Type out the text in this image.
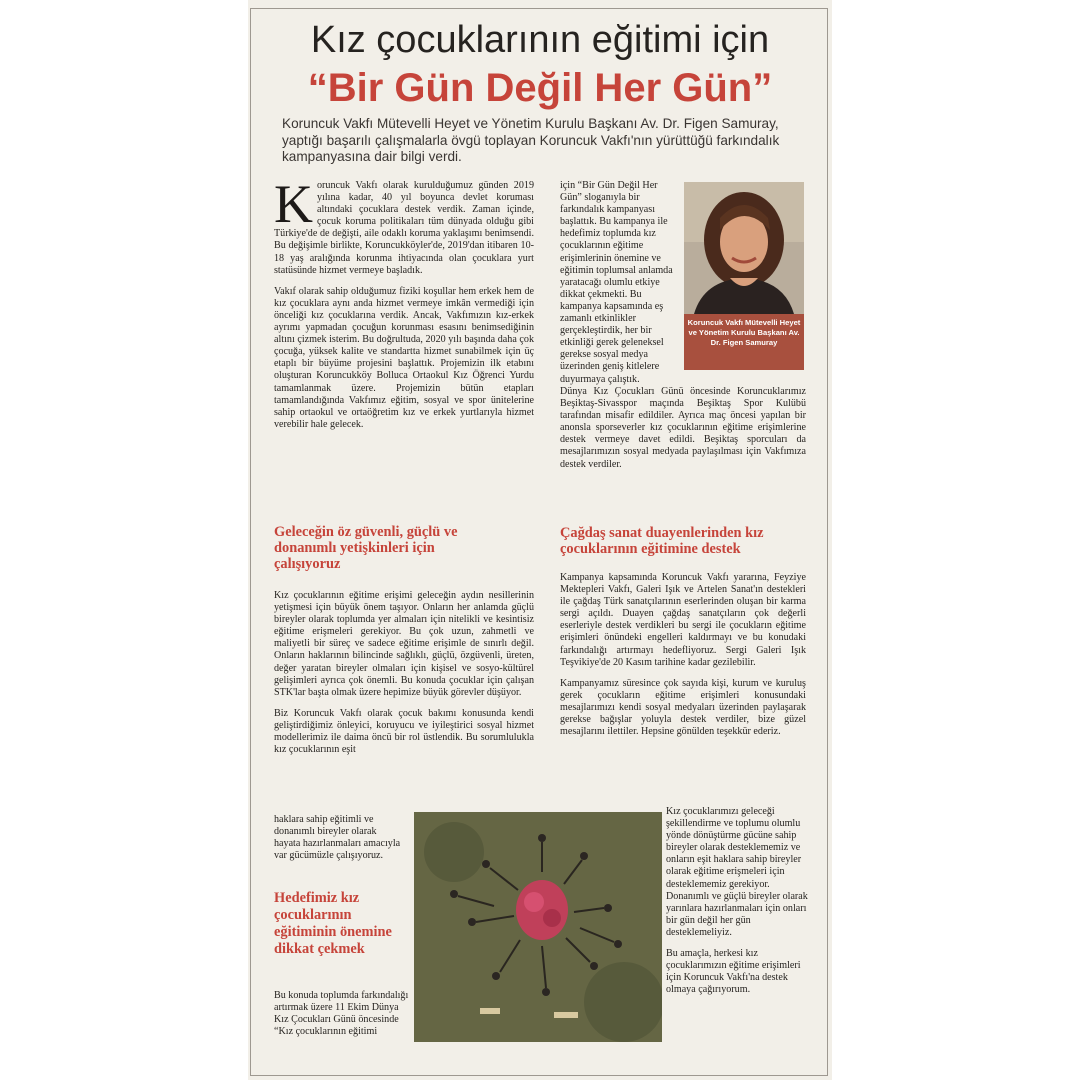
Kız çocuklarının eğitimi için
“Bir Gün Değil Her Gün”
Koruncuk Vakfı Mütevelli Heyet ve Yönetim Kurulu Başkanı Av. Dr. Figen Samuray, yaptığı başarılı çalışmalarla övgü toplayan Koruncuk Vakfı'nın yürüttüğü farkındalık kampanyasına dair bilgi verdi.

Koruncuk Vakfı olarak kurulduğumuz günden 2019 yılına kadar, 40 yıl boyunca devlet koruması altındaki çocuklara destek verdik. Zaman içinde, çocuk koruma politikaları tüm dünyada olduğu gibi Türkiye'de de değişti, aile odaklı koruma yaklaşımı benimsendi. Bu değişimle birlikte, Koruncukköyler'de, 2019'dan itibaren 10-18 yaş aralığında korunma ihtiyacında olan çocuklara yurt statüsünde hizmet vermeye başladık.

Vakıf olarak sahip olduğumuz fiziki koşullar hem erkek hem de kız çocuklara aynı anda hizmet vermeye imkân vermediği için önceliği kız çocuklarına verdik. Ancak, Vakfımızın kız-erkek ayrımı yapmadan çocuğun korunması esasını benimsediğinin altını çizmek isterim. Bu doğrultuda, 2020 yılı başında daha çok çocuğa, yüksek kalite ve standartta hizmet sunabilmek için üç etaplı bir büyüme projesini başlattık. Projemizin ilk etabını oluşturan Koruncukköy Bolluca Ortaokul Kız Öğrenci Yurdu tamamlanmak üzere. Projemizin bütün etapları tamamlandığında Vakfımız eğitim, sosyal ve spor ünitelerine sahip ortaokul ve ortaöğretim kız ve erkek yurtlarıyla hizmet verebilir hale gelecek.

Geleceğin öz güvenli, güçlü ve donanımlı yetişkinleri için çalışıyoruz

Kız çocuklarının eğitime erişimi geleceğin aydın nesillerinin yetişmesi için büyük önem taşıyor. Onların her anlamda güçlü bireyler olarak toplumda yer almaları için nitelikli ve kesintisiz eğitime erişmeleri gerekiyor. Bu çok uzun, zahmetli ve maliyetli bir süreç ve sadece eğitime erişimle de sınırlı değil. Onların haklarının bilincinde sağlıklı, güçlü, özgüvenli, üreten, değer yaratan bireyler olmaları için kişisel ve sosyo-kültürel gelişimleri ayrıca çok önemli. Bu konuda çocuklar için çalışan STK'lar başta olmak üzere hepimize büyük görevler düşüyor.

Biz Koruncuk Vakfı olarak çocuk bakımı konusunda kendi geliştirdiğimiz önleyici, koruyucu ve iyileştirici sosyal hizmet modellerimiz ile daima öncü bir rol üstlendik. Bu sorumlulukla kız çocuklarının eşit

haklara sahip eğitimli ve donanımlı bireyler olarak hayata hazırlanmaları amacıyla var gücümüzle çalışıyoruz.

Hedefimiz kız çocuklarının eğitiminin önemine dikkat çekmek

Bu konuda toplumda farkındalığı artırmak üzere 11 Ekim Dünya Kız Çocukları Günü öncesinde “Kız çocuklarının eğitimi

için “Bir Gün Değil Her Gün” sloganıyla bir farkındalık kampanyası başlattık. Bu kampanya ile hedefimiz toplumda kız çocuklarının eğitime erişimlerinin önemine ve eğitimin toplumsal anlamda yaratacağı olumlu etkiye dikkat çekmekti. Bu kampanya kapsamında eş zamanlı etkinlikler gerçekleştirdik, her bir etkinliği gerek geleneksel gerekse sosyal medya üzerinden geniş kitlelere duyurmaya çalıştık.

Koruncuk Vakfı Mütevelli Heyet ve Yönetim Kurulu Başkanı Av. Dr. Figen Samuray

Dünya Kız Çocukları Günü öncesinde Koruncuklarımız Beşiktaş-Sivasspor maçında Beşiktaş Spor Kulübü tarafından misafir edildiler. Ayrıca maç öncesi yapılan bir anonsla sporseverler kız çocuklarının eğitime erişimlerine destek vermeye davet edildi. Beşiktaş sporcuları da mesajlarımızın sosyal medyada paylaşılması için Vakfımıza destek verdiler.

Çağdaş sanat duayenlerinden kız çocuklarının eğitimine destek

Kampanya kapsamında Koruncuk Vakfı yararına, Feyziye Mektepleri Vakfı, Galeri Işık ve Artelen Sanat'ın destekleri ile çağdaş Türk sanatçılarının eserlerinden oluşan bir karma sergi açıldı. Duayen çağdaş sanatçıların çok değerli eserleriyle destek verdikleri bu sergi ile çocukların eğitime erişimleri önündeki engelleri kaldırmayı ve bu konudaki farkındalığı artırmayı hedefliyoruz. Sergi Galeri Işık Teşvikiye'de 20 Kasım tarihine kadar gezilebilir.

Kampanyamız süresince çok sayıda kişi, kurum ve kuruluş gerek çocukların eğitime erişimleri konusundaki mesajlarımızı kendi sosyal medyaları üzerinden paylaşarak gerekse bağışlar yoluyla destek verdiler, bize güzel mesajlarını ilettiler. Hepsine gönülden teşekkür ederiz.

Kız çocuklarımızı geleceği şekillendirme ve toplumu olumlu yönde dönüştürme gücüne sahip bireyler olarak desteklememiz ve onların eşit haklara sahip bireyler olarak eğitime erişmeleri için desteklememiz gerekiyor. Donanımlı ve güçlü bireyler olarak yarınlara hazırlanmaları için onları bir gün değil her gün desteklemeliyiz.

Bu amaçla, herkesi kız çocuklarımızın eğitime erişimleri için Koruncuk Vakfı'na destek olmaya çağırıyorum.
